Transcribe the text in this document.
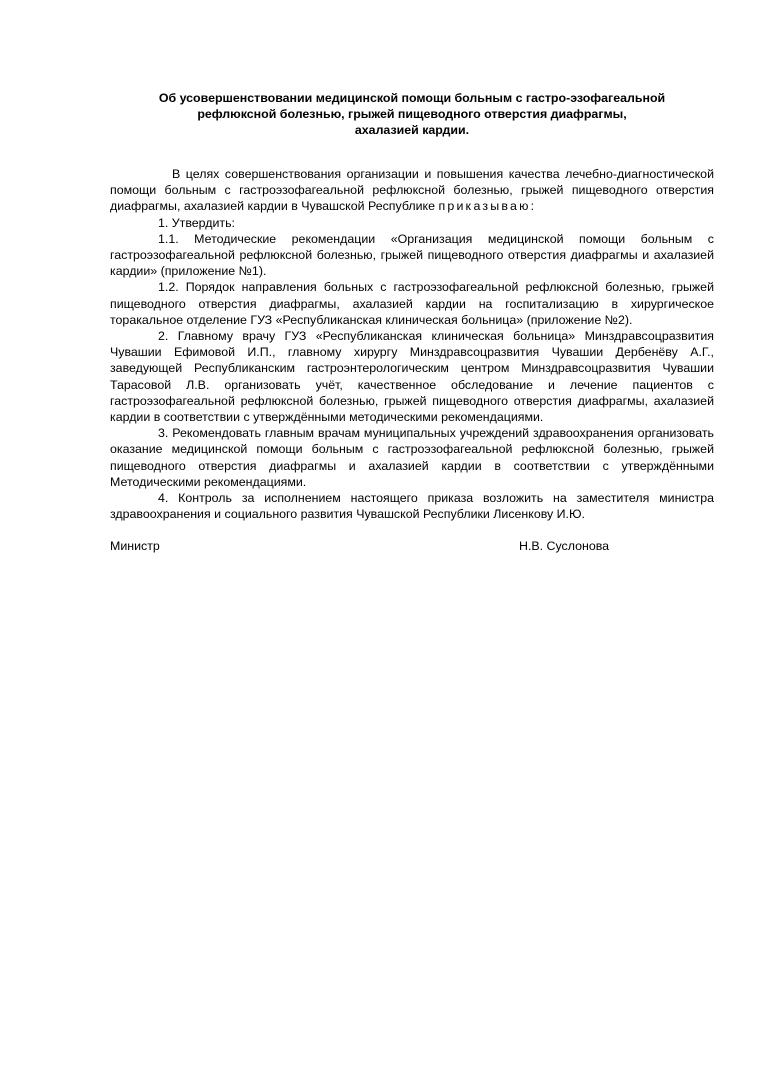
Об усовершенствовании медицинской помощи больным с гастро-эзофагеальной
рефлюксной болезнью, грыжей пищеводного отверстия диафрагмы,
ахалазией кардии.

В целях совершенствования организации и повышения качества лечебно-диагностической помощи больным с гастроэзофагеальной рефлюксной болезнью, грыжей пищеводного отверстия диафрагмы, ахалазией кардии в Чувашской Республике приказываю:

1. Утвердить:

1.1. Методические рекомендации «Организация медицинской помощи больным с гастроэзофагеальной рефлюксной болезнью, грыжей пищеводного отверстия диафрагмы и ахалазией кардии» (приложение №1).

1.2. Порядок направления больных с гастроэзофагеальной рефлюксной болезнью, грыжей пищеводного отверстия диафрагмы, ахалазией кардии на госпитализацию в хирургическое торакальное отделение ГУЗ «Республиканская клиническая больница» (приложение №2).

2. Главному врачу ГУЗ «Республиканская клиническая больница» Минздравсоцразвития Чувашии Ефимовой И.П., главному хирургу Минздравсоцразвития Чувашии Дербенёву А.Г., заведующей Республиканским гастроэнтерологическим центром Минздравсоцразвития Чувашии Тарасовой Л.В. организовать учёт, качественное обследование и лечение пациентов с гастроэзофагеальной рефлюксной болезнью, грыжей пищеводного отверстия диафрагмы, ахалазией кардии в соответствии с утверждёнными методическими рекомендациями.

3. Рекомендовать главным врачам муниципальных учреждений здравоохранения организовать оказание медицинской помощи больным с гастроэзофагеальной рефлюксной болезнью, грыжей пищеводного отверстия диафрагмы и ахалазией кардии в соответствии с утверждёнными Методическими рекомендациями.

4. Контроль за исполнением настоящего приказа возложить на заместителя министра здравоохранения и социального развития Чувашской Республики Лисенкову И.Ю.

Министр	Н.В. Суслонова
